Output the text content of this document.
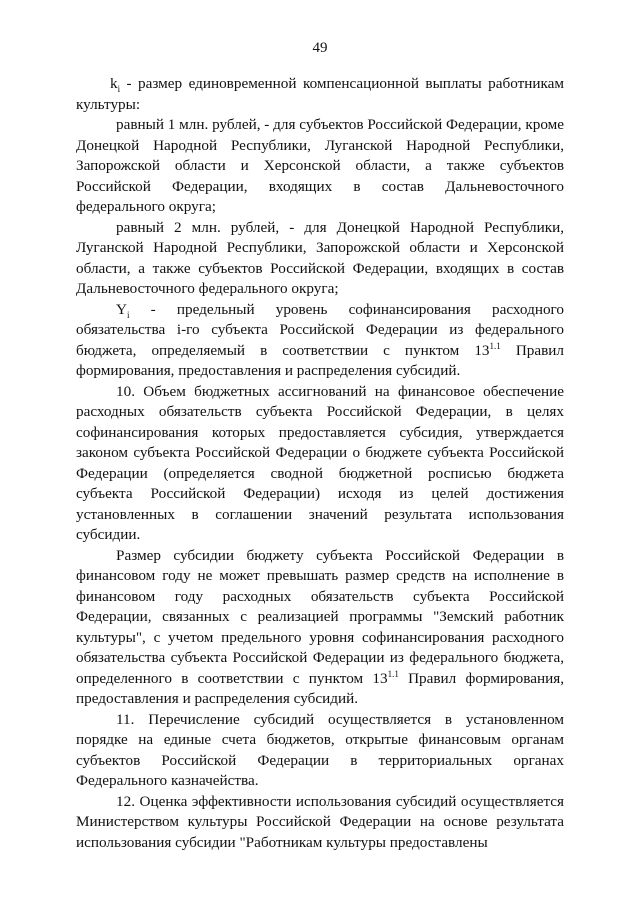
49

$k_i$ - размер единовременной компенсационной выплаты работникам культуры:

равный 1 млн. рублей, - для субъектов Российской Федерации, кроме Донецкой Народной Республики, Луганской Народной Республики, Запорожской области и Херсонской области, а также субъектов Российской Федерации, входящих в состав Дальневосточного федерального округа;

равный 2 млн. рублей, - для Донецкой Народной Республики, Луганской Народной Республики, Запорожской области и Херсонской области, а также субъектов Российской Федерации, входящих в состав Дальневосточного федерального округа;

$Y_i$ - предельный уровень софинансирования расходного обязательства i-го субъекта Российской Федерации из федерального бюджета, определяемый в соответствии с пунктом $13^{1.1}$ Правил формирования, предоставления и распределения субсидий.

10. Объем бюджетных ассигнований на финансовое обеспечение расходных обязательств субъекта Российской Федерации, в целях софинансирования которых предоставляется субсидия, утверждается законом субъекта Российской Федерации о бюджете субъекта Российской Федерации (определяется сводной бюджетной росписью бюджета субъекта Российской Федерации) исходя из целей достижения установленных в соглашении значений результата использования субсидии.

Размер субсидии бюджету субъекта Российской Федерации в финансовом году не может превышать размер средств на исполнение в финансовом году расходных обязательств субъекта Российской Федерации, связанных с реализацией программы "Земский работник культуры", с учетом предельного уровня софинансирования расходного обязательства субъекта Российской Федерации из федерального бюджета, определенного в соответствии с пунктом $13^{1.1}$ Правил формирования, предоставления и распределения субсидий.

11. Перечисление субсидий осуществляется в установленном порядке на единые счета бюджетов, открытые финансовым органам субъектов Российской Федерации в территориальных органах Федерального казначейства.

12. Оценка эффективности использования субсидий осуществляется Министерством культуры Российской Федерации на основе результата использования субсидии "Работникам культуры предоставлены
